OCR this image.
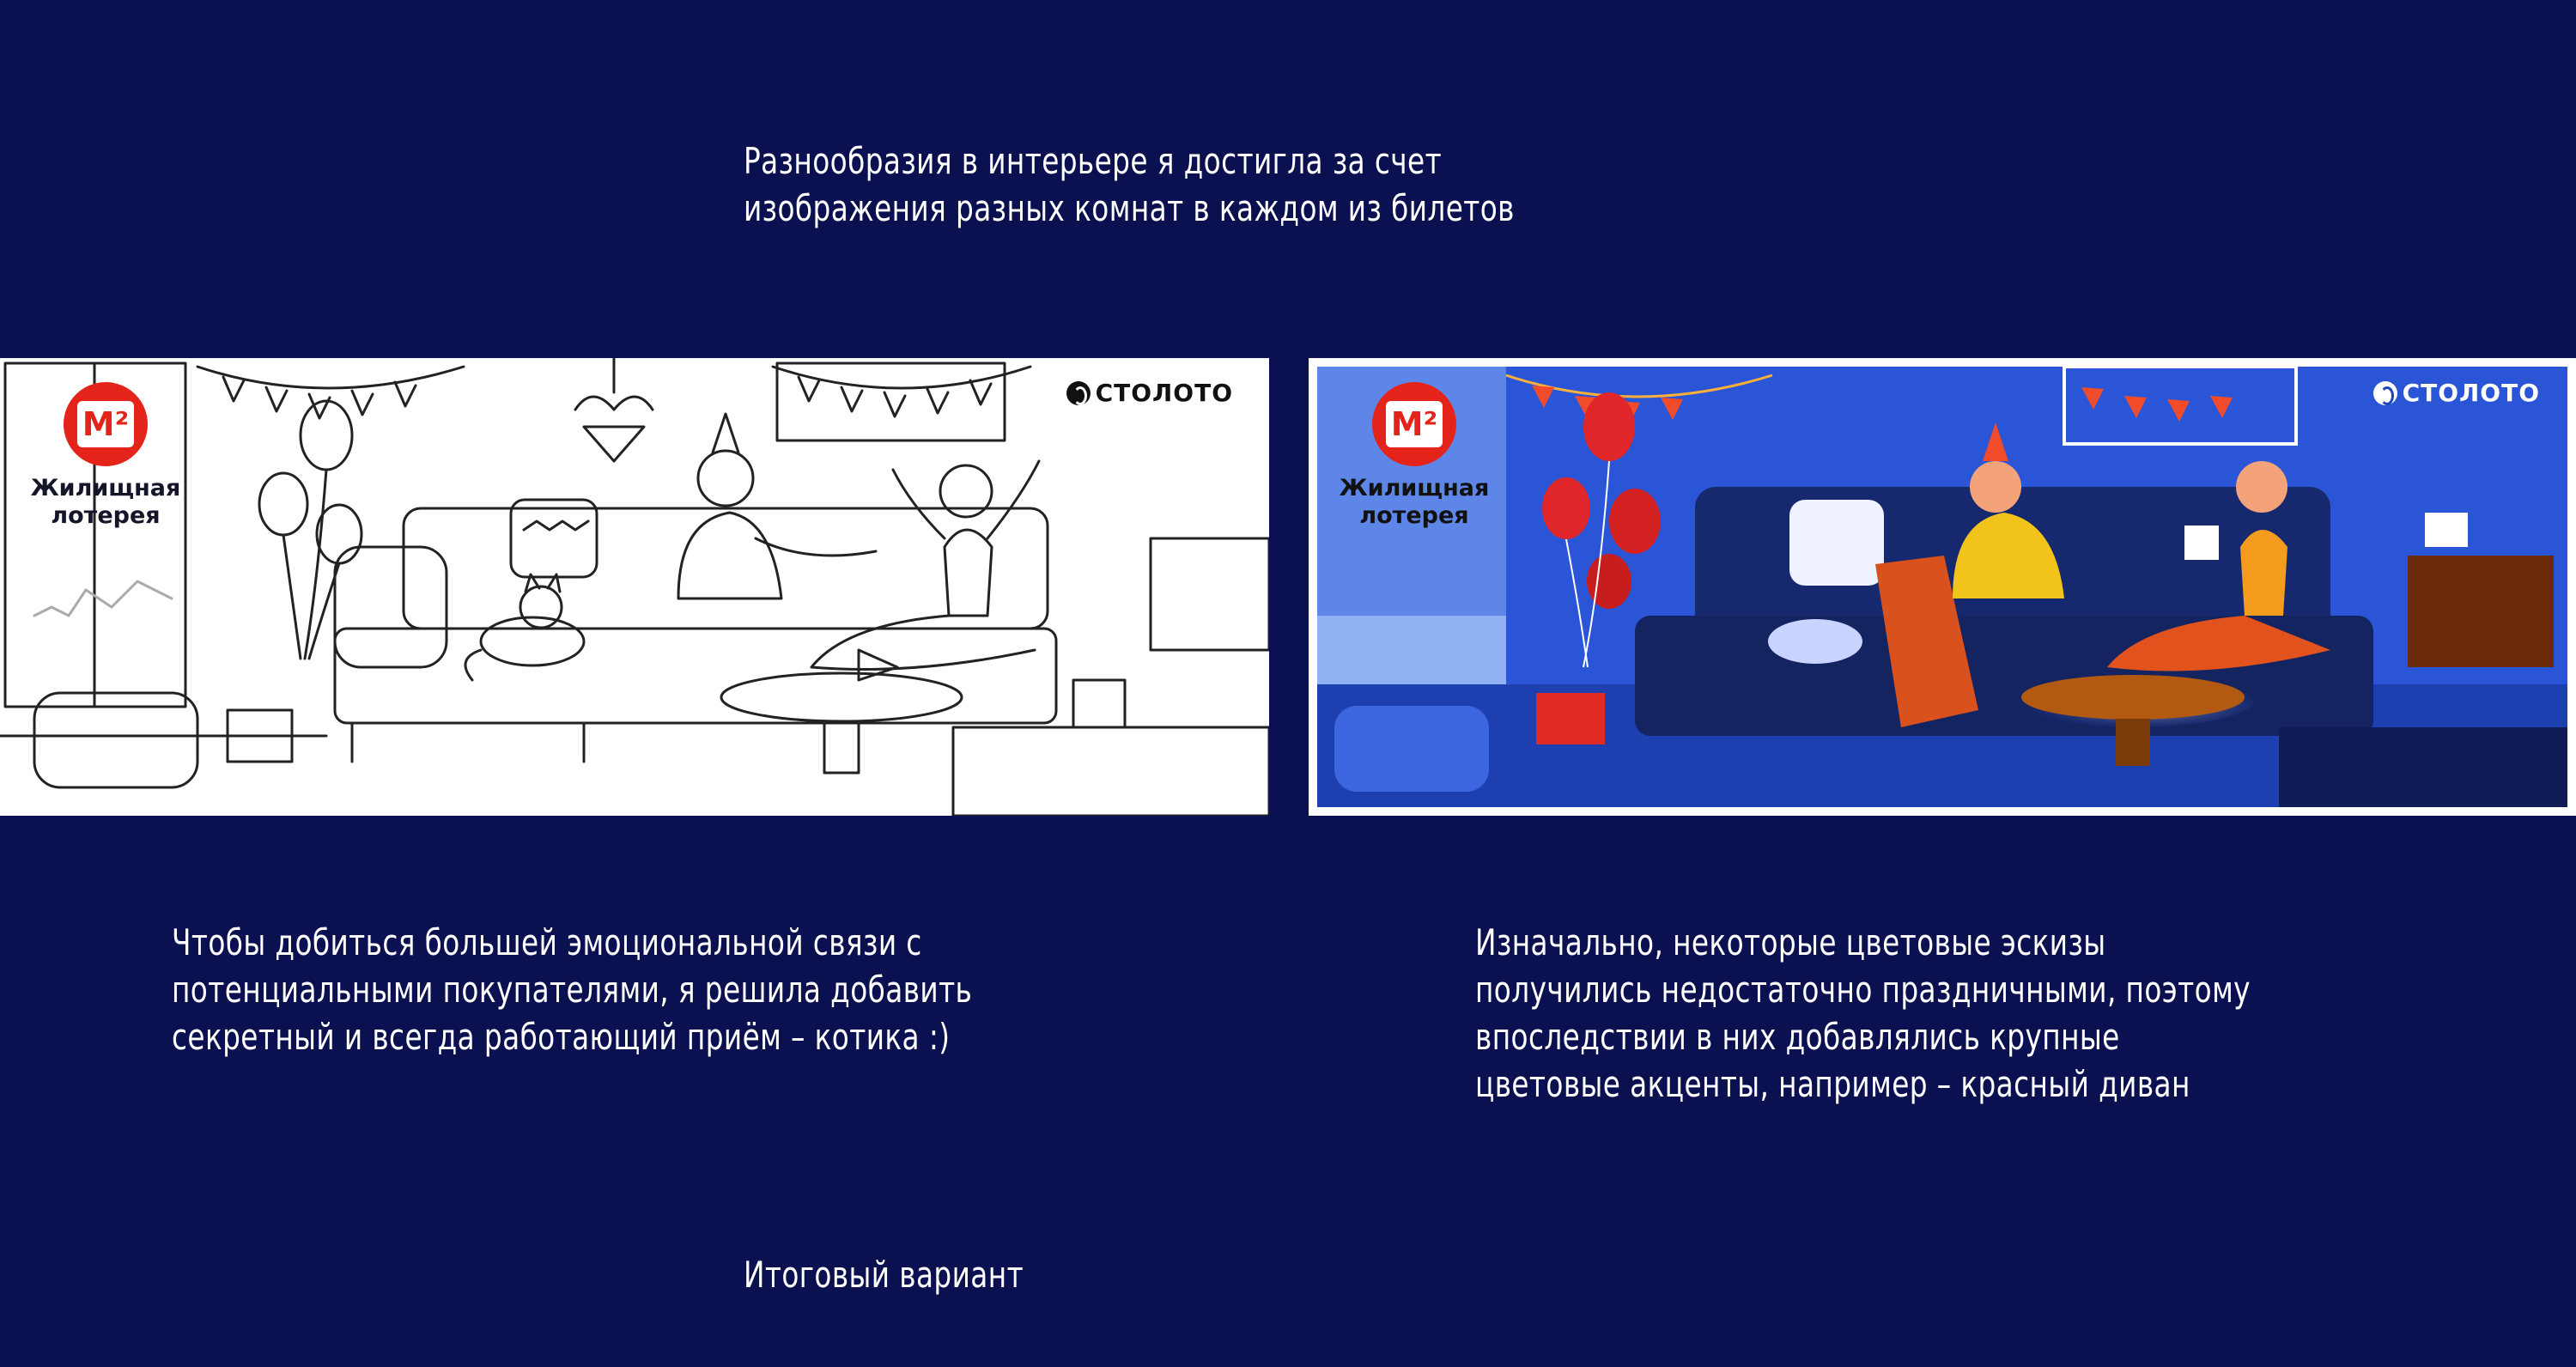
Разнообразия в интерьере я достигла за счет
изображения разных комнат в каждом из билетов

М²
Жилищная
лотерея
СТОЛОТО
М²
Жилищная
лотерея
СТОЛОТО

Чтобы добиться большей эмоциональной связи с
потенциальными покупателями, я решила добавить
секретный и всегда работающий приём – котика :)

Изначально, некоторые цветовые эскизы
получились недостаточно праздничными, поэтому
впоследствии в них добавлялись крупные
цветовые акценты, например – красный диван

Итоговый вариант
